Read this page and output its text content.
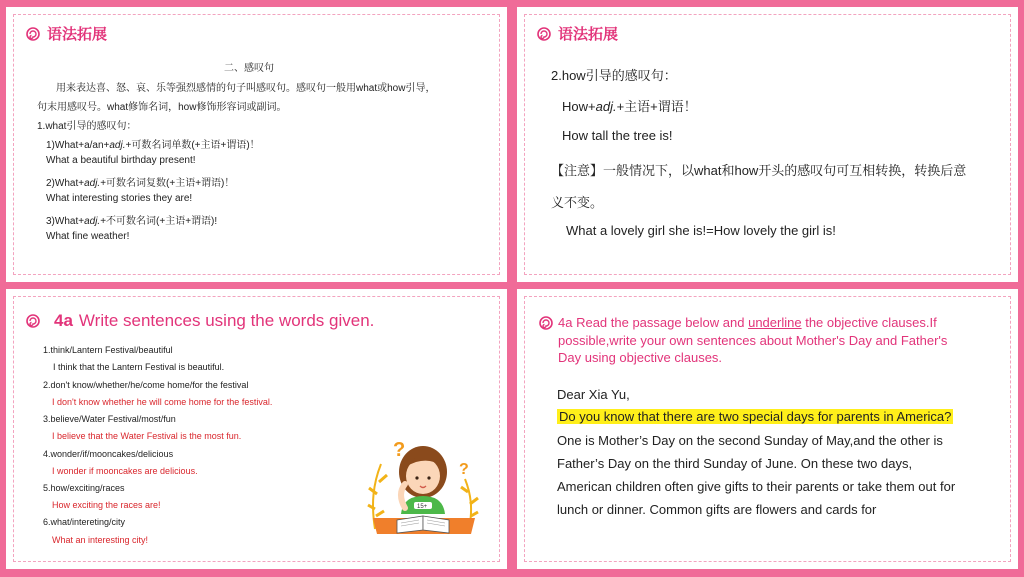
语法拓展
二、感叹句
用来表达喜、怒、哀、乐等强烈感情的句子叫感叹句。感叹句一般用what或how引导，
句末用感叹号。what修饰名词，how修饰形容词或副词。
1.what引导的感叹句：
1)What+a/an+adj.+可数名词单数(+主语+谓语)！
What a beautiful birthday present!
2)What+adj.+可数名词复数(+主语+谓语)！
What interesting stories they are!
3)What+adj.+不可数名词(+主语+谓语)!
What fine weather!
语法拓展
2.how引导的感叹句：
How+adj.+主语+谓语！
How tall the tree is!
【注意】一般情况下，以what和how开头的感叹句可互相转换，转换后意
义不变。
What a lovely girl she is!=How lovely the girl is!
4a Write sentences using the words given.
1.think/Lantern Festival/beautiful
I think that the Lantern Festival is beautiful.
2.don't know/whether/he/come home/for the festival
I don't know whether he will come home for the festival.
3.believe/Water Festival/most/fun
I believe that the Water Festival is the most fun.
4.wonder/if/mooncakes/delicious
I wonder if mooncakes are delicious.
5.how/exciting/races
How exciting the races are!
6.what/intereting/city
What an interesting city!
?
?
15+
4a Read the passage below and underline the objective clauses.If
possible,write your own sentences about Mother's Day and Father's
Day using objective clauses.
Dear Xia Yu,
Do you know that there are two special days for parents in America?
One is Mother’s Day on the second Sunday of May,and the other is
Father’s Day on the third Sunday of June. On these two days,
American children often give gifts to their parents or take them out for
lunch or dinner. Common gifts are flowers and cards for
